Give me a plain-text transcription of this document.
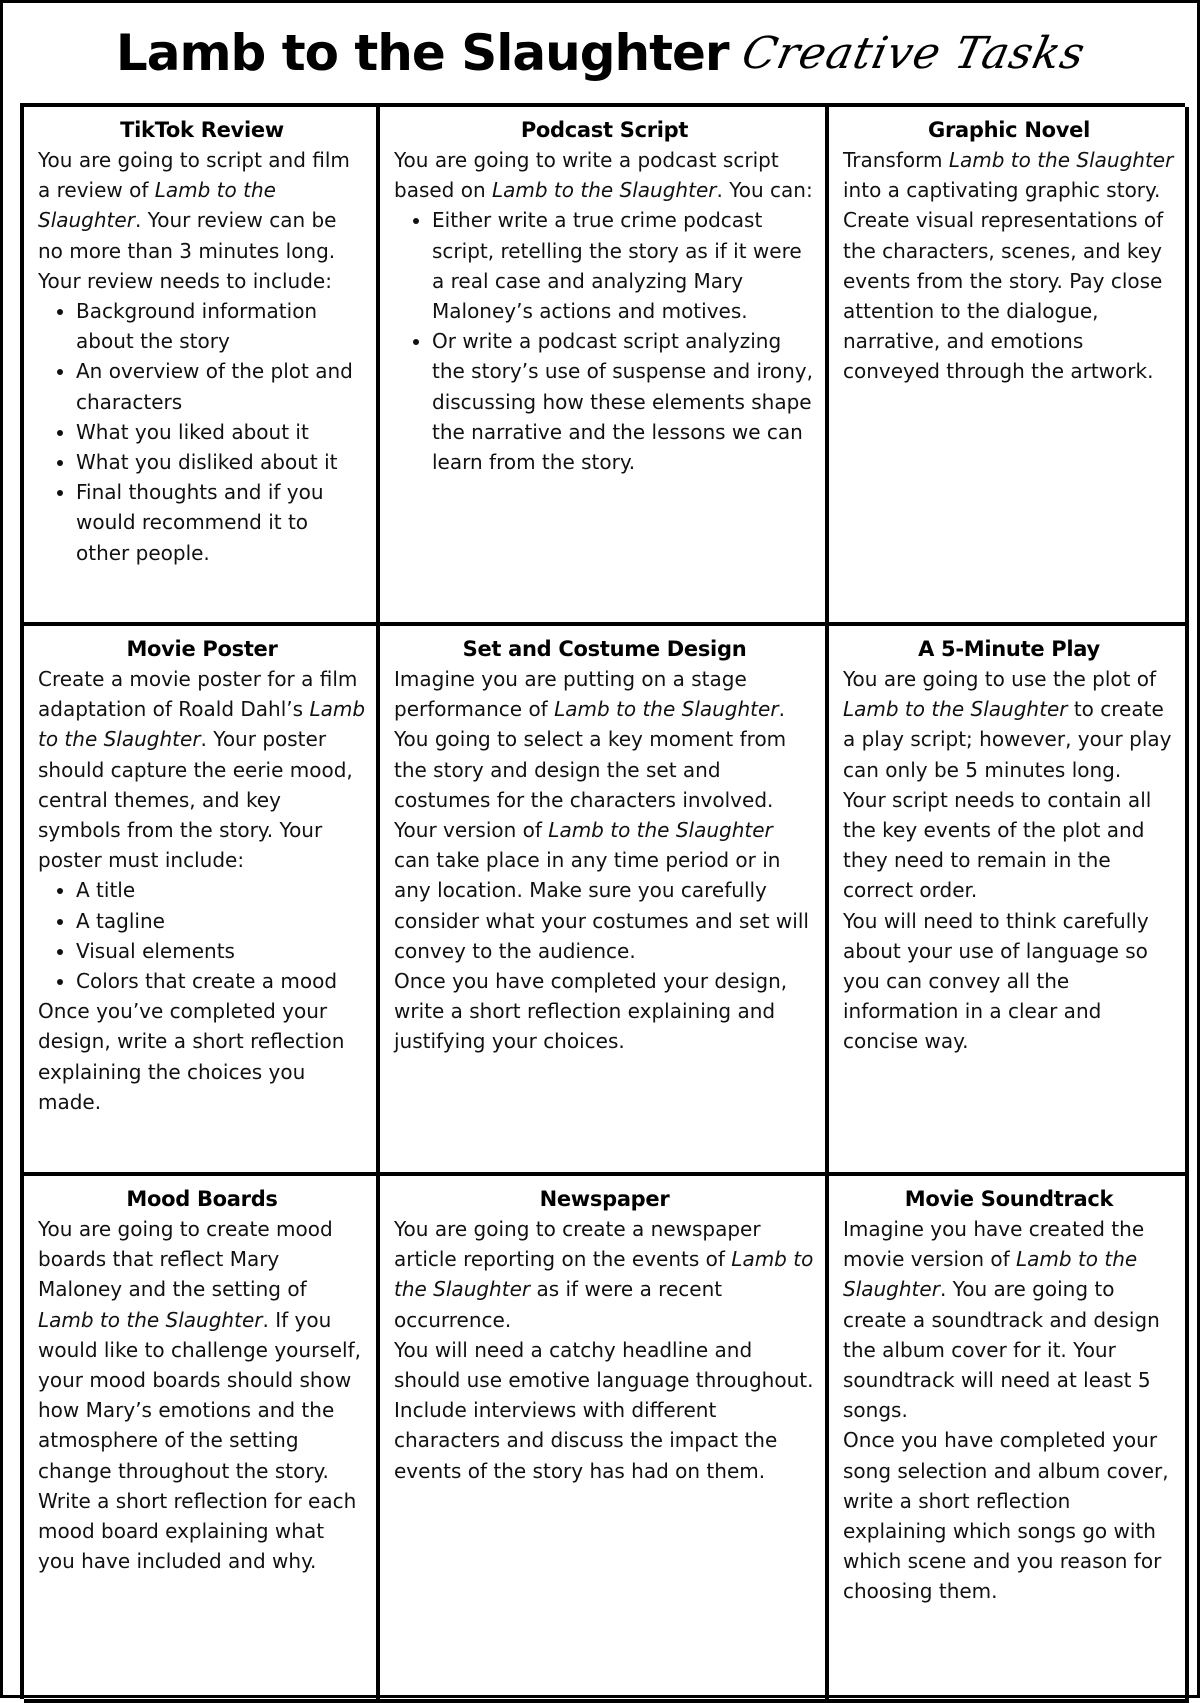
Lamb to the Slaughter Creative Tasks
TikTok Review

You are going to script and film a review of Lamb to the Slaughter. Your review can be no more than 3 minutes long.

Your review needs to include:

• Background information about the story
• An overview of the plot and characters
• What you liked about it
• What you disliked about it
• Final thoughts and if you would recommend it to other people.
Podcast Script

You are going to write a podcast script based on Lamb to the Slaughter. You can:

• Either write a true crime podcast script, retelling the story as if it were a real case and analyzing Mary Maloney’s actions and motives.
• Or write a podcast script analyzing the story’s use of suspense and irony, discussing how these elements shape the narrative and the lessons we can learn from the story.
Graphic Novel

Transform Lamb to the Slaughter into a captivating graphic story. Create visual representations of the characters, scenes, and key events from the story. Pay close attention to the dialogue, narrative, and emotions conveyed through the artwork.

Movie Poster

Create a movie poster for a film adaptation of Roald Dahl’s Lamb to the Slaughter. Your poster should capture the eerie mood, central themes, and key symbols from the story. Your poster must include:

• A title
• A tagline
• Visual elements
• Colors that create a mood

Once you’ve completed your design, write a short reflection explaining the choices you made.

Set and Costume Design

Imagine you are putting on a stage performance of Lamb to the Slaughter. You going to select a key moment from the story and design the set and costumes for the characters involved.

Your version of Lamb to the Slaughter can take place in any time period or in any location. Make sure you carefully consider what your costumes and set will convey to the audience.

Once you have completed your design, write a short reflection explaining and justifying your choices.

A 5-Minute Play

You are going to use the plot of Lamb to the Slaughter to create a play script; however, your play can only be 5 minutes long.

Your script needs to contain all the key events of the plot and they need to remain in the correct order.

You will need to think carefully about your use of language so you can convey all the information in a clear and concise way.

Mood Boards

You are going to create mood boards that reflect Mary Maloney and the setting of Lamb to the Slaughter. If you would like to challenge yourself, your mood boards should show how Mary’s emotions and the atmosphere of the setting change throughout the story.

Write a short reflection for each mood board explaining what you have included and why.

Newspaper

You are going to create a newspaper article reporting on the events of Lamb to the Slaughter as if were a recent occurrence.

You will need a catchy headline and should use emotive language throughout.

Include interviews with different characters and discuss the impact the events of the story has had on them.

Movie Soundtrack

Imagine you have created the movie version of Lamb to the Slaughter. You are going to create a soundtrack and design the album cover for it. Your soundtrack will need at least 5 songs.

Once you have completed your song selection and album cover, write a short reflection explaining which songs go with which scene and you reason for choosing them.
